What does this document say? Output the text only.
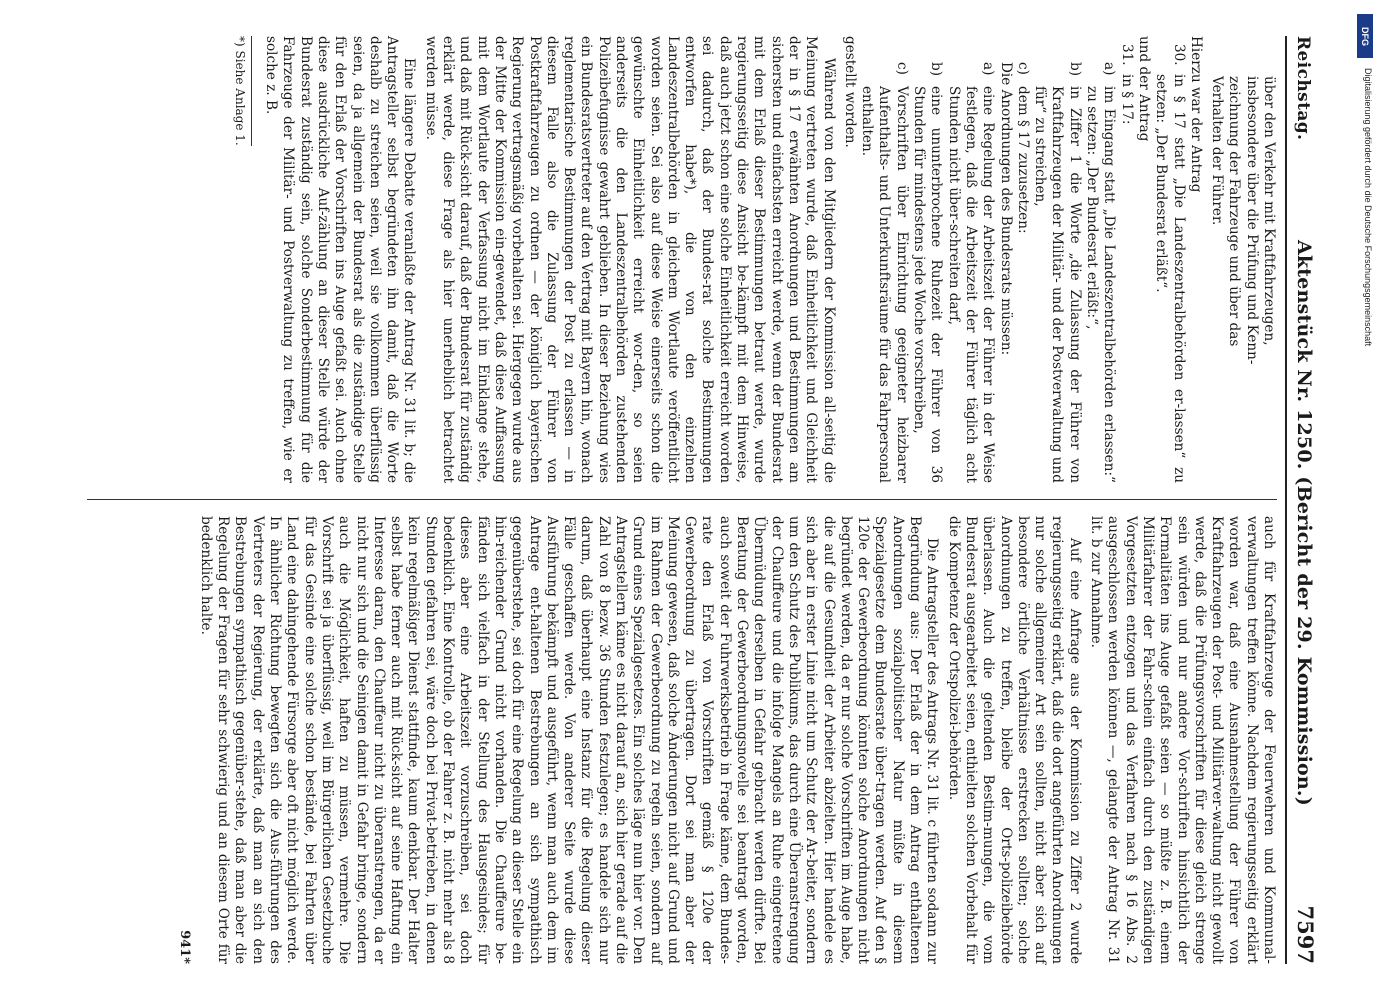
Reichstag.
Aktenstück Nr. 1250. (Bericht der 29. Kommission.)
7597

über den Verkehr mit Kraftfahrzeugen,

insbesondere über die Prüfung und Kenn-

zeichnung der Fahrzeuge und über das

Verhalten der Führer.

Hierzu war der Antrag

30.
in § 17 statt „Die Landeszentralbehörden er-lassen“ zu setzen: „Der Bundesrat erläßt“.

und der Antrag

31.
in § 17:
a)
im Eingang statt „Die Landeszentralbehörden erlassen:“ zu setzen: „Der Bundesrat erläßt:“,
b)
in Ziffer 1 die Worte „die Zulassung der Führer von Kraftfahrzeugen der Militär- und der Postverwaltung und für“ zu streichen,
c)
dem § 17 zuzusetzen:

Die Anordnungen des Bundesrats müssen:

a)
eine Regelung der Arbeitszeit der Führer in der Weise festlegen, daß die Arbeitszeit der Führer täglich acht Stunden nicht über-schreiten darf,
b)
eine ununterbrochene Ruhezeit der Führer von 36 Stunden für mindestens jede Woche vorschreiben,
c)
Vorschriften über Einrichtung geeigneter heizbarer Aufenthalts- und Unterkunftsräume für das Fahrpersonal enthalten.

gestellt worden.

Während von den Mitgliedern der Kommission all-seitig die Meinung vertreten wurde, daß Einheitlichkeit und Gleichheit der in § 17 erwähnten Anordnungen und Bestimmungen am sichersten und einfachsten erreicht werde, wenn der Bundesrat mit dem Erlaß dieser Bestimmungen betraut werde, wurde regierungsseitig diese Ansicht be-kämpft mit dem Hinweise, daß auch jetzt schon eine solche Einheitlichkeit erreicht worden sei dadurch, daß der Bundes-rat solche Bestimmungen entworfen habe*), die von den einzelnen Landeszentralbehörden in gleichem Wortlaute veröffentlicht worden seien. Sei also auf diese Weise einerseits schon die gewünschte Einheitlichkeit erreicht wor-den, so seien anderseits die den Landeszentralbehörden zustehenden Polizeibefugnisse gewahrt geblieben. In dieser Beziehung wies ein Bundesratsvertreter auf den Vertrag mit Bayern hin, wonach reglementarische Bestimmungen der Post zu erlassen — in diesem Falle also die Zulassung der Führer von Postkraftfahrzeugen zu ordnen — der königlich bayerischen Regierung vertragsmäßig vorbehalten sei. Hiergegen wurde aus der Mitte der Kommission ein-gewendet, daß diese Auffassung mit dem Wortlaute der Verfassung nicht im Einklange stehe, und daß mit Rück-sicht darauf, daß der Bundesrat für zuständig erklärt werde, diese Frage als hier unerheblich betrachtet werden müsse.

Eine längere Debatte veranlaßte der Antrag Nr. 31 lit. b; die Antragsteller selbst begründeten ihn damit, daß die Worte deshalb zu streichen seien, weil sie vollkommen überflüssig seien, da ja allgemein der Bundesrat als die zuständige Stelle für den Erlaß der Vorschriften ins Auge gefaßt sei. Auch ohne diese ausdrückliche Auf-zählung an dieser Stelle würde der Bundesrat zuständig sein, solche Sonderbestimmung für die Fahrzeuge der Militär- und Postverwaltung zu treffen, wie er solche z. B.

*) Siehe Anlage 1.

auch für Kraftfahrzeuge der Feuerwehren und Kommunal-verwaltungen treffen könne. Nachdem regierungsseitig erklärt worden war, daß eine Ausnahmestellung der Führer von Kraftfahrzeugen der Post- und Militärver-waltung nicht gewollt werde, daß die Prüfungsvorschriften für diese gleich strenge sein würden und nur andere Vor-schriften hinsichtlich der Formalitäten ins Auge gefaßt seien — so müßte z. B. einem Militärfahrer der Fahr-schein einfach durch den zuständigen Vorgesetzten entzogen und das Verfahren nach § 16 Abs. 2 ausgeschlossen werden können —, gelangte der Antrag Nr. 31 lit. b zur Annahme.

Auf eine Anfrage aus der Kommission zu Ziffer 2 wurde regierungsseitig erklärt, daß die dort angeführten Anordnungen nur solche allgemeiner Art sein sollten, nicht aber sich auf besondere örtliche Verhältnisse erstrecken sollten; solche Anordnungen zu treffen, bleibe der Orts-polizeibehörde überlassen. Auch die geltenden Bestim-mungen, die vom Bundesrat ausgearbeitet seien, enthielten solchen Vorbehalt für die Kompetenz der Ortspolizei-behörden.

Die Antragsteller des Antrags Nr. 31 lit. c führten sodann zur Begründung aus: Der Erlaß der in dem Antrag enthaltenen Anordnungen sozialpolitischer Natur müßte in diesem Spezialgesetze dem Bundesrate über-tragen werden. Auf den § 120e der Gewerbeordnung könnten solche Anordnungen nicht begründet werden, da er nur solche Vorschriften im Auge habe, die auf die Gesundheit der Arbeiter abzielten. Hier handele es sich aber in erster Linie nicht um Schutz der Ar-beiter, sondern um den Schutz des Publikums, das durch eine Überanstrengung der Chauffeure und die infolge Mangels an Ruhe eingetretene Übermüdung derselben in Gefahr gebracht werden dürfte. Bei Beratung der Gewerbeordnungsnovelle sei beantragt worden, auch soweit der Fuhrwerksbetrieb in Frage käme, dem Bundes-rate den Erlaß von Vorschriften gemäß § 120e der Gewerbeordnung zu übertragen. Dort sei man aber der Meinung gewesen, daß solche Änderungen nicht auf Grund und im Rahmen der Gewerbeordnung zu regeln seien, sondern auf Grund eines Spezialgesetzes. Ein solches läge nun hier vor. Den Antragstellern käme es nicht darauf an, sich hier gerade auf die Zahl von 8 bezw. 36 Stunden festzulegen; es handele sich nur darum, daß überhaupt eine Instanz für die Regelung dieser Fälle geschaffen werde. Von anderer Seite wurde diese Ausführung bekämpft und ausgeführt, wenn man auch dem im Antrage ent-haltenen Bestrebungen an sich sympathisch gegenüberstehe, sei doch für eine Regelung an dieser Stelle ein hin-reichender Grund nicht vorhanden. Die Chauffeure be-fänden sich vielfach in der Stellung des Hausgesindes; für dieses aber eine Arbeitszeit vorzuschreiben, sei doch bedenklich. Eine Kontrolle, ob der Fahrer z. B. nicht mehr als 8 Stunden gefahren sei, wäre doch bei Privat-betrieben, in denen kein regelmäßiger Dienst stattfinde, kaum denkbar. Der Halter selbst habe ferner auch mit Rück-sicht auf seine Haftung ein Interesse daran, den Chauffeur nicht zu überanstrengen, da er nicht nur sich und die Seinigen damit in Gefahr bringe, sondern auch die Möglichkeit, haften zu müssen, vermehre. Die Vorschrift sei ja überflüssig, weil im Bürgerlichen Gesetzbuche für das Gesinde eine solche schon bestände, bei Fahrten über Land eine dahingehende Fürsorge aber oft nicht möglich werde. In ähnlicher Richtung bewegten sich die Aus-führungen des Vertreters der Regierung, der erklärte, daß man an sich den Bestrebungen sympathisch gegenüber-stehe, daß man aber die Regelung der Fragen für sehr schwierig und an diesem Orte für bedenklich halte.

941*

DFG
Digitalisierung gefördert durch die Deutsche Forschungsgemeinschaft
